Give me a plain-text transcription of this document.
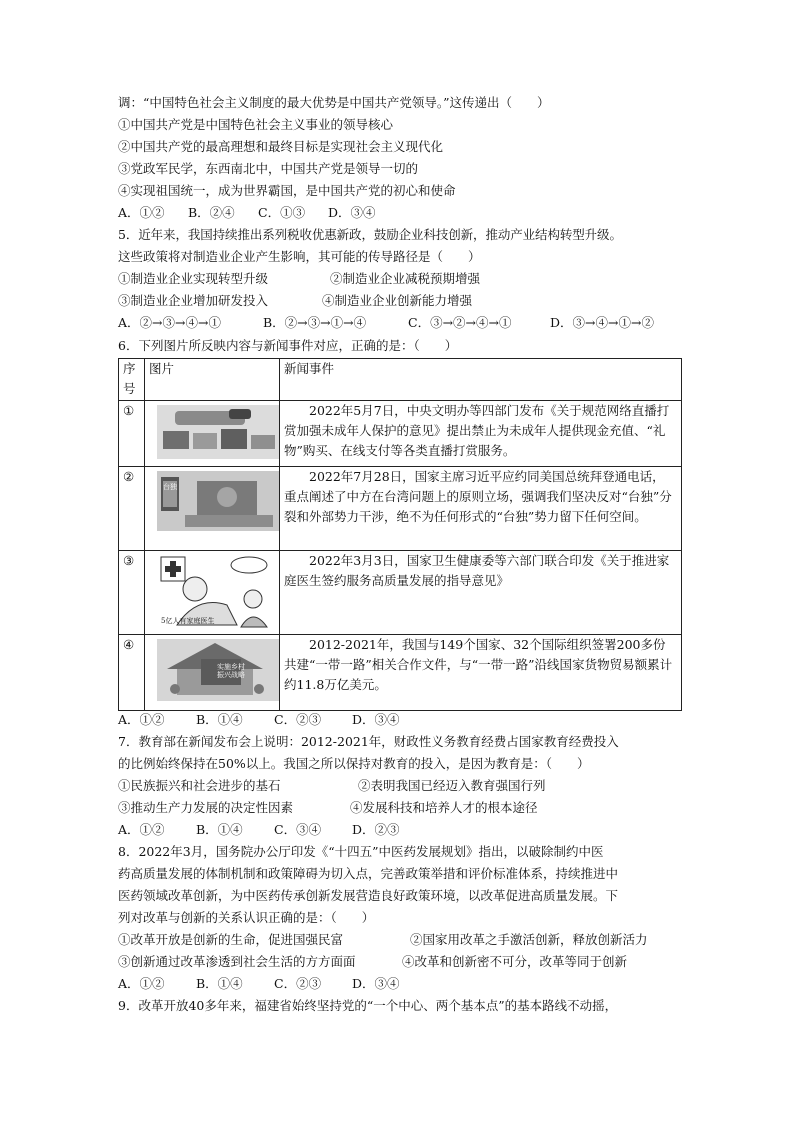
调：“中国特色社会主义制度的最大优势是中国共产党领导。”这传递出（　　）
①中国共产党是中国特色社会主义事业的领导核心
②中国共产党的最高理想和最终目标是实现社会主义现代化
③党政军民学，东西南北中，中国共产党是领导一切的
④实现祖国统一，成为世界霸国，是中国共产党的初心和使命
A．①② B．②④ C．①③ D．③④
5．近年来，我国持续推出系列税收优惠新政，鼓励企业科技创新，推动产业结构转型升级。
这些政策将对制造业企业产生影响，其可能的传导路径是（　　）
①制造业企业实现转型升级	②制造业企业减税预期增强
③制造业企业增加研发投入	④制造业企业创新能力增强
A．②→③→④→①	B．②→③→①→④	C．③→②→④→①	D．③→④→①→②
6．下列图片所反映内容与新闻事件对应，正确的是：（　　）
序
号	图片	新闻事件
①		2022年5月7日，中央文明办等四部门发布《关于规范网络直播打赏加强未成年人保护的意见》提出禁止为未成年人提供现金充值、“礼物”购买、在线支付等各类直播打赏服务。
②	台独	2022年7月28日，国家主席习近平应约同美国总统拜登通电话，重点阐述了中方在台湾问题上的原则立场，强调我们坚决反对“台独”分裂和外部势力干涉，绝不为任何形式的“台独”势力留下任何空间。
③	5亿人有家庭医生	2022年3月3日，国家卫生健康委等六部门联合印发《关于推进家庭医生签约服务高质量发展的指导意见》
④	实施乡村振兴战略	2012-2021年，我国与149个国家、32个国际组织签署200多份共建“一带一路”相关合作文件，与“一带一路”沿线国家货物贸易额累计约11.8万亿美元。
A．①②	B．①④	C．②③ D．③④
7．教育部在新闻发布会上说明：2012-2021年，财政性义务教育经费占国家教育经费投入
的比例始终保持在50%以上。我国之所以保持对教育的投入，是因为教育是：（　　）
①民族振兴和社会进步的基石	②表明我国已经迈入教育强国行列
③推动生产力发展的决定性因素	④发展科技和培养人才的根本途径
A．①②	B．①④	C．③④ D．②③
8．2022年3月，国务院办公厅印发《“十四五”中医药发展规划》指出，以破除制约中医
药高质量发展的体制机制和政策障碍为切入点，完善政策举措和评价标准体系，持续推进中
医药领域改革创新，为中医药传承创新发展营造良好政策环境，以改革促进高质量发展。下
列对改革与创新的关系认识正确的是：（　　）
①改革开放是创新的生命，促进国强民富	②国家用改革之手激活创新，释放创新活力
③创新通过改革渗透到社会生活的方方面面	④改革和创新密不可分，改革等同于创新
A．①②	B．①④	C．②③ D．③④
9．改革开放40多年来，福建省始终坚持党的“一个中心、两个基本点”的基本路线不动摇，
